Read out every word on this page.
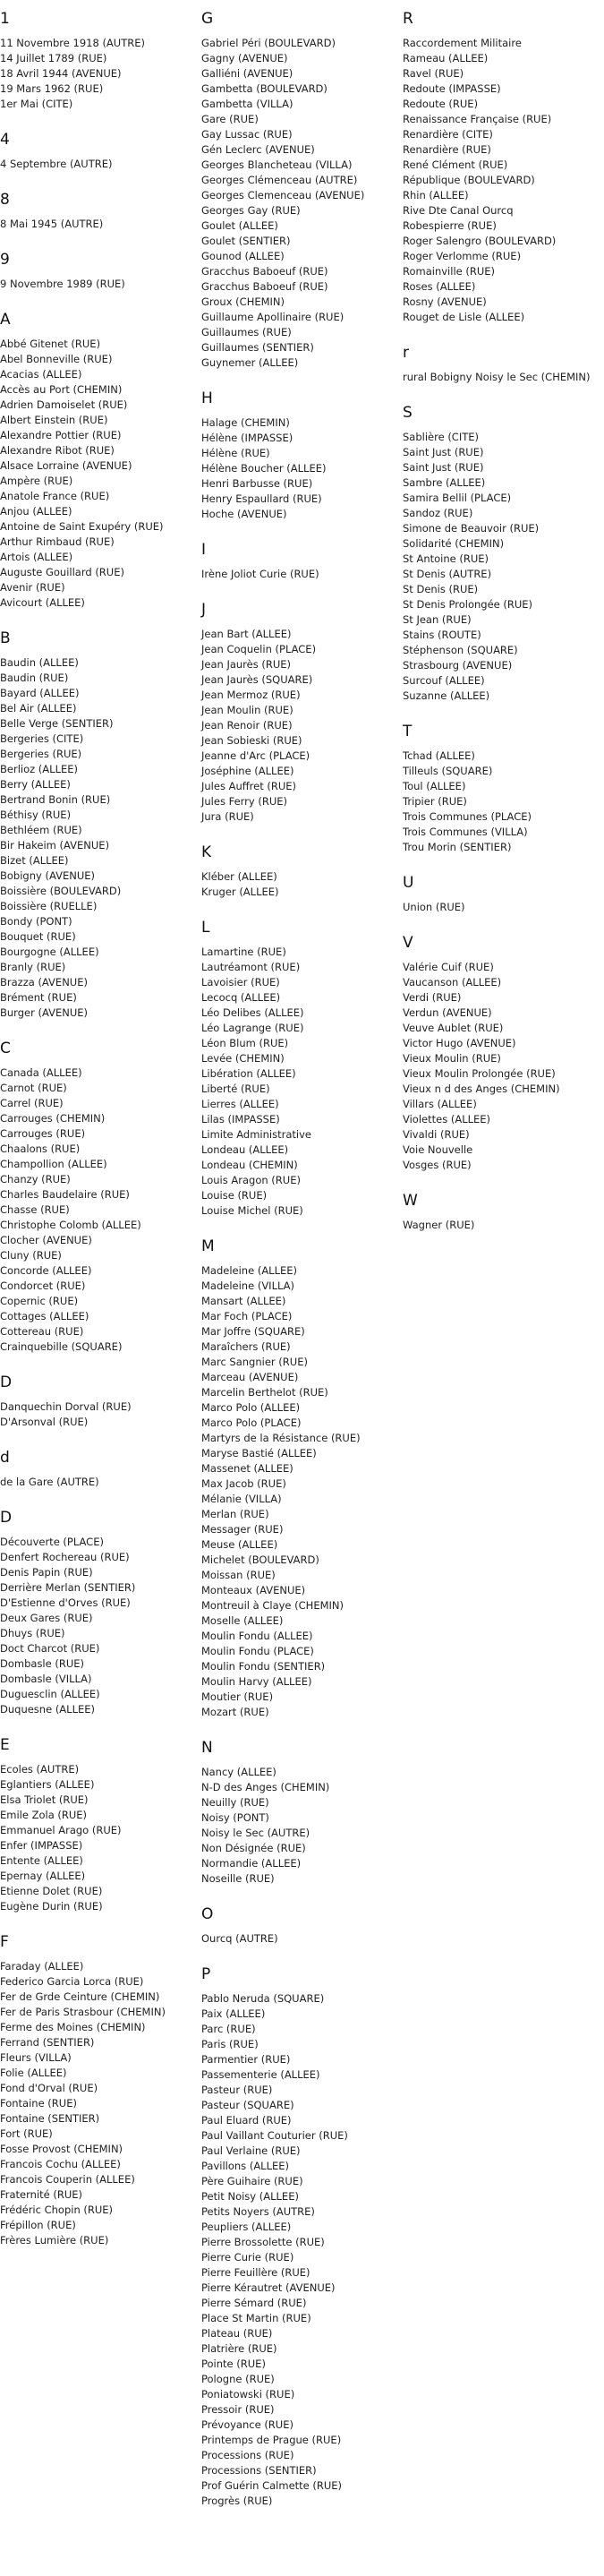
1
11 Novembre 1918 (AUTRE)
14 Juillet 1789 (RUE)
18 Avril 1944 (AVENUE)
19 Mars 1962 (RUE)
1er Mai (CITE)
4
4 Septembre (AUTRE)
8
8 Mai 1945 (AUTRE)
9
9 Novembre 1989 (RUE)
A
Abbé Gitenet (RUE)
Abel Bonneville (RUE)
Acacias (ALLEE)
Accès au Port (CHEMIN)
Adrien Damoiselet (RUE)
Albert Einstein (RUE)
Alexandre Pottier (RUE)
Alexandre Ribot (RUE)
Alsace Lorraine (AVENUE)
Ampère (RUE)
Anatole France (RUE)
Anjou (ALLEE)
Antoine de Saint Exupéry (RUE)
Arthur Rimbaud (RUE)
Artois (ALLEE)
Auguste Gouillard (RUE)
Avenir (RUE)
Avicourt (ALLEE)
B
Baudin (ALLEE)
Baudin (RUE)
Bayard (ALLEE)
Bel Air (ALLEE)
Belle Verge (SENTIER)
Bergeries (CITE)
Bergeries (RUE)
Berlioz (ALLEE)
Berry (ALLEE)
Bertrand Bonin (RUE)
Béthisy (RUE)
Bethléem (RUE)
Bir Hakeim (AVENUE)
Bizet (ALLEE)
Bobigny (AVENUE)
Boissière (BOULEVARD)
Boissière (RUELLE)
Bondy (PONT)
Bouquet (RUE)
Bourgogne (ALLEE)
Branly (RUE)
Brazza (AVENUE)
Brément (RUE)
Burger (AVENUE)
C
Canada (ALLEE)
Carnot (RUE)
Carrel (RUE)
Carrouges (CHEMIN)
Carrouges (RUE)
Chaalons (RUE)
Champollion (ALLEE)
Chanzy (RUE)
Charles Baudelaire (RUE)
Chasse (RUE)
Christophe Colomb (ALLEE)
Clocher (AVENUE)
Cluny (RUE)
Concorde (ALLEE)
Condorcet (RUE)
Copernic (RUE)
Cottages (ALLEE)
Cottereau (RUE)
Crainquebille (SQUARE)
D
Danquechin Dorval (RUE)
D'Arsonval (RUE)
d
de la Gare (AUTRE)
D
Découverte (PLACE)
Denfert Rochereau (RUE)
Denis Papin (RUE)
Derrière Merlan (SENTIER)
D'Estienne d'Orves (RUE)
Deux Gares (RUE)
Dhuys (RUE)
Doct Charcot (RUE)
Dombasle (RUE)
Dombasle (VILLA)
Duguesclin (ALLEE)
Duquesne (ALLEE)
E
Ecoles (AUTRE)
Eglantiers (ALLEE)
Elsa Triolet (RUE)
Emile Zola (RUE)
Emmanuel Arago (RUE)
Enfer (IMPASSE)
Entente (ALLEE)
Epernay (ALLEE)
Etienne Dolet (RUE)
Eugène Durin (RUE)
F
Faraday (ALLEE)
Federico Garcia Lorca (RUE)
Fer de Grde Ceinture (CHEMIN)
Fer de Paris Strasbour (CHEMIN)
Ferme des Moines (CHEMIN)
Ferrand (SENTIER)
Fleurs (VILLA)
Folie (ALLEE)
Fond d'Orval (RUE)
Fontaine (RUE)
Fontaine (SENTIER)
Fort (RUE)
Fosse Provost (CHEMIN)
Francois Cochu (ALLEE)
Francois Couperin (ALLEE)
Fraternité (RUE)
Frédéric Chopin (RUE)
Frépillon (RUE)
Frères Lumière (RUE)
G
Gabriel Péri (BOULEVARD)
Gagny (AVENUE)
Galliéni (AVENUE)
Gambetta (BOULEVARD)
Gambetta (VILLA)
Gare (RUE)
Gay Lussac (RUE)
Gén Leclerc (AVENUE)
Georges Blancheteau (VILLA)
Georges Clémenceau (AUTRE)
Georges Clemenceau (AVENUE)
Georges Gay (RUE)
Goulet (ALLEE)
Goulet (SENTIER)
Gounod (ALLEE)
Gracchus Baboeuf (RUE)
Gracchus Baboeuf (RUE)
Groux (CHEMIN)
Guillaume Apollinaire (RUE)
Guillaumes (RUE)
Guillaumes (SENTIER)
Guynemer (ALLEE)
H
Halage (CHEMIN)
Hélène (IMPASSE)
Hélène (RUE)
Hélène Boucher (ALLEE)
Henri Barbusse (RUE)
Henry Espaullard (RUE)
Hoche (AVENUE)
I
Irène Joliot Curie (RUE)
J
Jean Bart (ALLEE)
Jean Coquelin (PLACE)
Jean Jaurès (RUE)
Jean Jaurès (SQUARE)
Jean Mermoz (RUE)
Jean Moulin (RUE)
Jean Renoir (RUE)
Jean Sobieski (RUE)
Jeanne d'Arc (PLACE)
Joséphine (ALLEE)
Jules Auffret (RUE)
Jules Ferry (RUE)
Jura (RUE)
K
Kléber (ALLEE)
Kruger (ALLEE)
L
Lamartine (RUE)
Lautréamont (RUE)
Lavoisier (RUE)
Lecocq (ALLEE)
Léo Delibes (ALLEE)
Léo Lagrange (RUE)
Léon Blum (RUE)
Levée (CHEMIN)
Libération (ALLEE)
Liberté (RUE)
Lierres (ALLEE)
Lilas (IMPASSE)
Limite Administrative
Londeau (ALLEE)
Londeau (CHEMIN)
Louis Aragon (RUE)
Louise (RUE)
Louise Michel (RUE)
M
Madeleine (ALLEE)
Madeleine (VILLA)
Mansart (ALLEE)
Mar Foch (PLACE)
Mar Joffre (SQUARE)
Maraîchers (RUE)
Marc Sangnier (RUE)
Marceau (AVENUE)
Marcelin Berthelot (RUE)
Marco Polo (ALLEE)
Marco Polo (PLACE)
Martyrs de la Résistance (RUE)
Maryse Bastié (ALLEE)
Massenet (ALLEE)
Max Jacob (RUE)
Mélanie (VILLA)
Merlan (RUE)
Messager (RUE)
Meuse (ALLEE)
Michelet (BOULEVARD)
Moissan (RUE)
Monteaux (AVENUE)
Montreuil à Claye (CHEMIN)
Moselle (ALLEE)
Moulin Fondu (ALLEE)
Moulin Fondu (PLACE)
Moulin Fondu (SENTIER)
Moulin Harvy (ALLEE)
Moutier (RUE)
Mozart (RUE)
N
Nancy (ALLEE)
N-D des Anges (CHEMIN)
Neuilly (RUE)
Noisy (PONT)
Noisy le Sec (AUTRE)
Non Désignée (RUE)
Normandie (ALLEE)
Noseille (RUE)
O
Ourcq (AUTRE)
P
Pablo Neruda (SQUARE)
Paix (ALLEE)
Parc (RUE)
Paris (RUE)
Parmentier (RUE)
Passementerie (ALLEE)
Pasteur (RUE)
Pasteur (SQUARE)
Paul Eluard (RUE)
Paul Vaillant Couturier (RUE)
Paul Verlaine (RUE)
Pavillons (ALLEE)
Père Guihaire (RUE)
Petit Noisy (ALLEE)
Petits Noyers (AUTRE)
Peupliers (ALLEE)
Pierre Brossolette (RUE)
Pierre Curie (RUE)
Pierre Feuillère (RUE)
Pierre Kérautret (AVENUE)
Pierre Sémard (RUE)
Place St Martin (RUE)
Plateau (RUE)
Platrière (RUE)
Pointe (RUE)
Pologne (RUE)
Poniatowski (RUE)
Pressoir (RUE)
Prévoyance (RUE)
Printemps de Prague (RUE)
Processions (RUE)
Processions (SENTIER)
Prof Guérin Calmette (RUE)
Progrès (RUE)
R
Raccordement Militaire
Rameau (ALLEE)
Ravel (RUE)
Redoute (IMPASSE)
Redoute (RUE)
Renaissance Française (RUE)
Renardière (CITE)
Renardière (RUE)
René Clément (RUE)
République (BOULEVARD)
Rhin (ALLEE)
Rive Dte Canal Ourcq
Robespierre (RUE)
Roger Salengro (BOULEVARD)
Roger Verlomme (RUE)
Romainville (RUE)
Roses (ALLEE)
Rosny (AVENUE)
Rouget de Lisle (ALLEE)
r
rural Bobigny Noisy le Sec (CHEMIN)
S
Sablière (CITE)
Saint Just (RUE)
Saint Just (RUE)
Sambre (ALLEE)
Samira Bellil (PLACE)
Sandoz (RUE)
Simone de Beauvoir (RUE)
Solidarité (CHEMIN)
St Antoine (RUE)
St Denis (AUTRE)
St Denis (RUE)
St Denis Prolongée (RUE)
St Jean (RUE)
Stains (ROUTE)
Stéphenson (SQUARE)
Strasbourg (AVENUE)
Surcouf (ALLEE)
Suzanne (ALLEE)
T
Tchad (ALLEE)
Tilleuls (SQUARE)
Toul (ALLEE)
Tripier (RUE)
Trois Communes (PLACE)
Trois Communes (VILLA)
Trou Morin (SENTIER)
U
Union (RUE)
V
Valérie Cuif (RUE)
Vaucanson (ALLEE)
Verdi (RUE)
Verdun (AVENUE)
Veuve Aublet (RUE)
Victor Hugo (AVENUE)
Vieux Moulin (RUE)
Vieux Moulin Prolongée (RUE)
Vieux n d des Anges (CHEMIN)
Villars (ALLEE)
Violettes (ALLEE)
Vivaldi (RUE)
Voie Nouvelle
Vosges (RUE)
W
Wagner (RUE)
